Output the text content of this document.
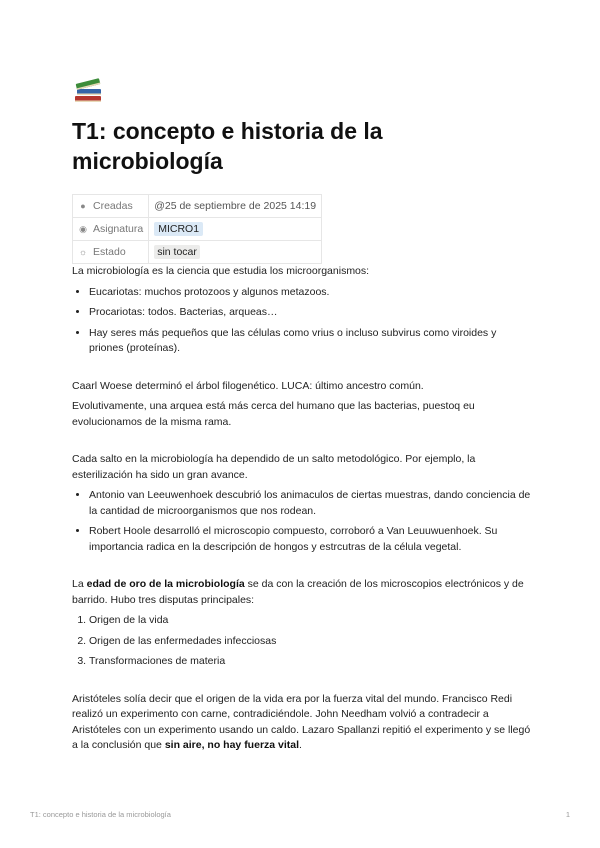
T1: concepto e historia de la microbiología
● Creadas	@25 de septiembre de 2025 14:19
◉ Asignatura	MICRO1
☼ Estado	sin tocar

La microbiología es la ciencia que estudia los microorganismos:

• Eucariotas: muchos protozoos y algunos metazoos.
• Procariotas: todos. Bacterias, arqueas…
• Hay seres más pequeños que las células como vrius o incluso subvirus como viroides y priones (proteínas).

Caarl Woese determinó el árbol filogenético. LUCA: último ancestro común.

Evolutivamente, una arquea está más cerca del humano que las bacterias, puestoq eu evolucionamos de la misma rama.

Cada salto en la microbiología ha dependido de un salto metodológico. Por ejemplo, la esterilización ha sido un gran avance.

• Antonio van Leeuwenhoek descubrió los animaculos de ciertas muestras, dando conciencia de la cantidad de microorganismos que nos rodean.
• Robert Hoole desarrolló el microscopio compuesto, corroboró a Van Leuuwuenhoek. Su importancia radica en la descripción de hongos y estrcutras de la célula vegetal.

La edad de oro de la microbiología se da con la creación de los microscopios electrónicos y de barrido. Hubo tres disputas principales:

1. Origen de la vida
2. Origen de las enfermedades infecciosas
3. Transformaciones de materia

Aristóteles solía decir que el origen de la vida era por la fuerza vital del mundo. Francisco Redi realizó un experimento con carne, contradiciéndole. John Needham volvió a contradecir a Aristóteles con un experimento usando un caldo. Lazaro Spallanzi repitió el experimento y se llegó a la conclusión que sin aire, no hay fuerza vital.

T1: concepto e historia de la microbiología	1
